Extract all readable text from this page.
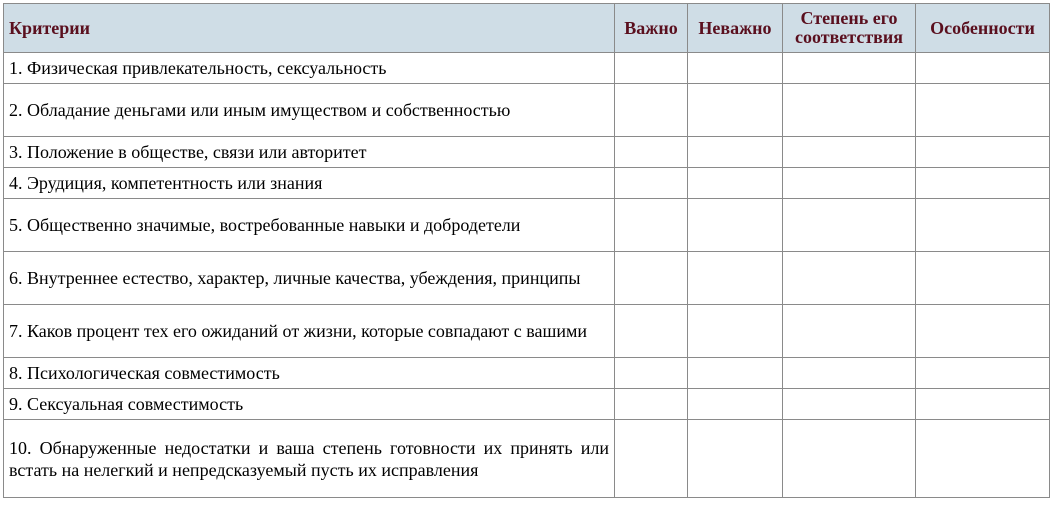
Критерии	Важно	Неважно	Степень его соответствия	Особенности
1. Физическая привлекательность, сексуальность				
2. Обладание деньгами или иным имуществом и собственностью				
3. Положение в обществе, связи или авторитет				
4. Эрудиция, компетентность или знания				
5. Общественно значимые, востребованные навыки и добродетели				
6. Внутреннее естество, характер, личные качества, убеждения, принципы				
7. Каков процент тех его ожиданий от жизни, которые совпадают с вашими				
8. Психологическая совместимость				
9. Сексуальная совместимость				
10. Обнаруженные недостатки и ваша степень готовности их принять или встать на нелегкий и непредсказуемый пусть их исправления				
